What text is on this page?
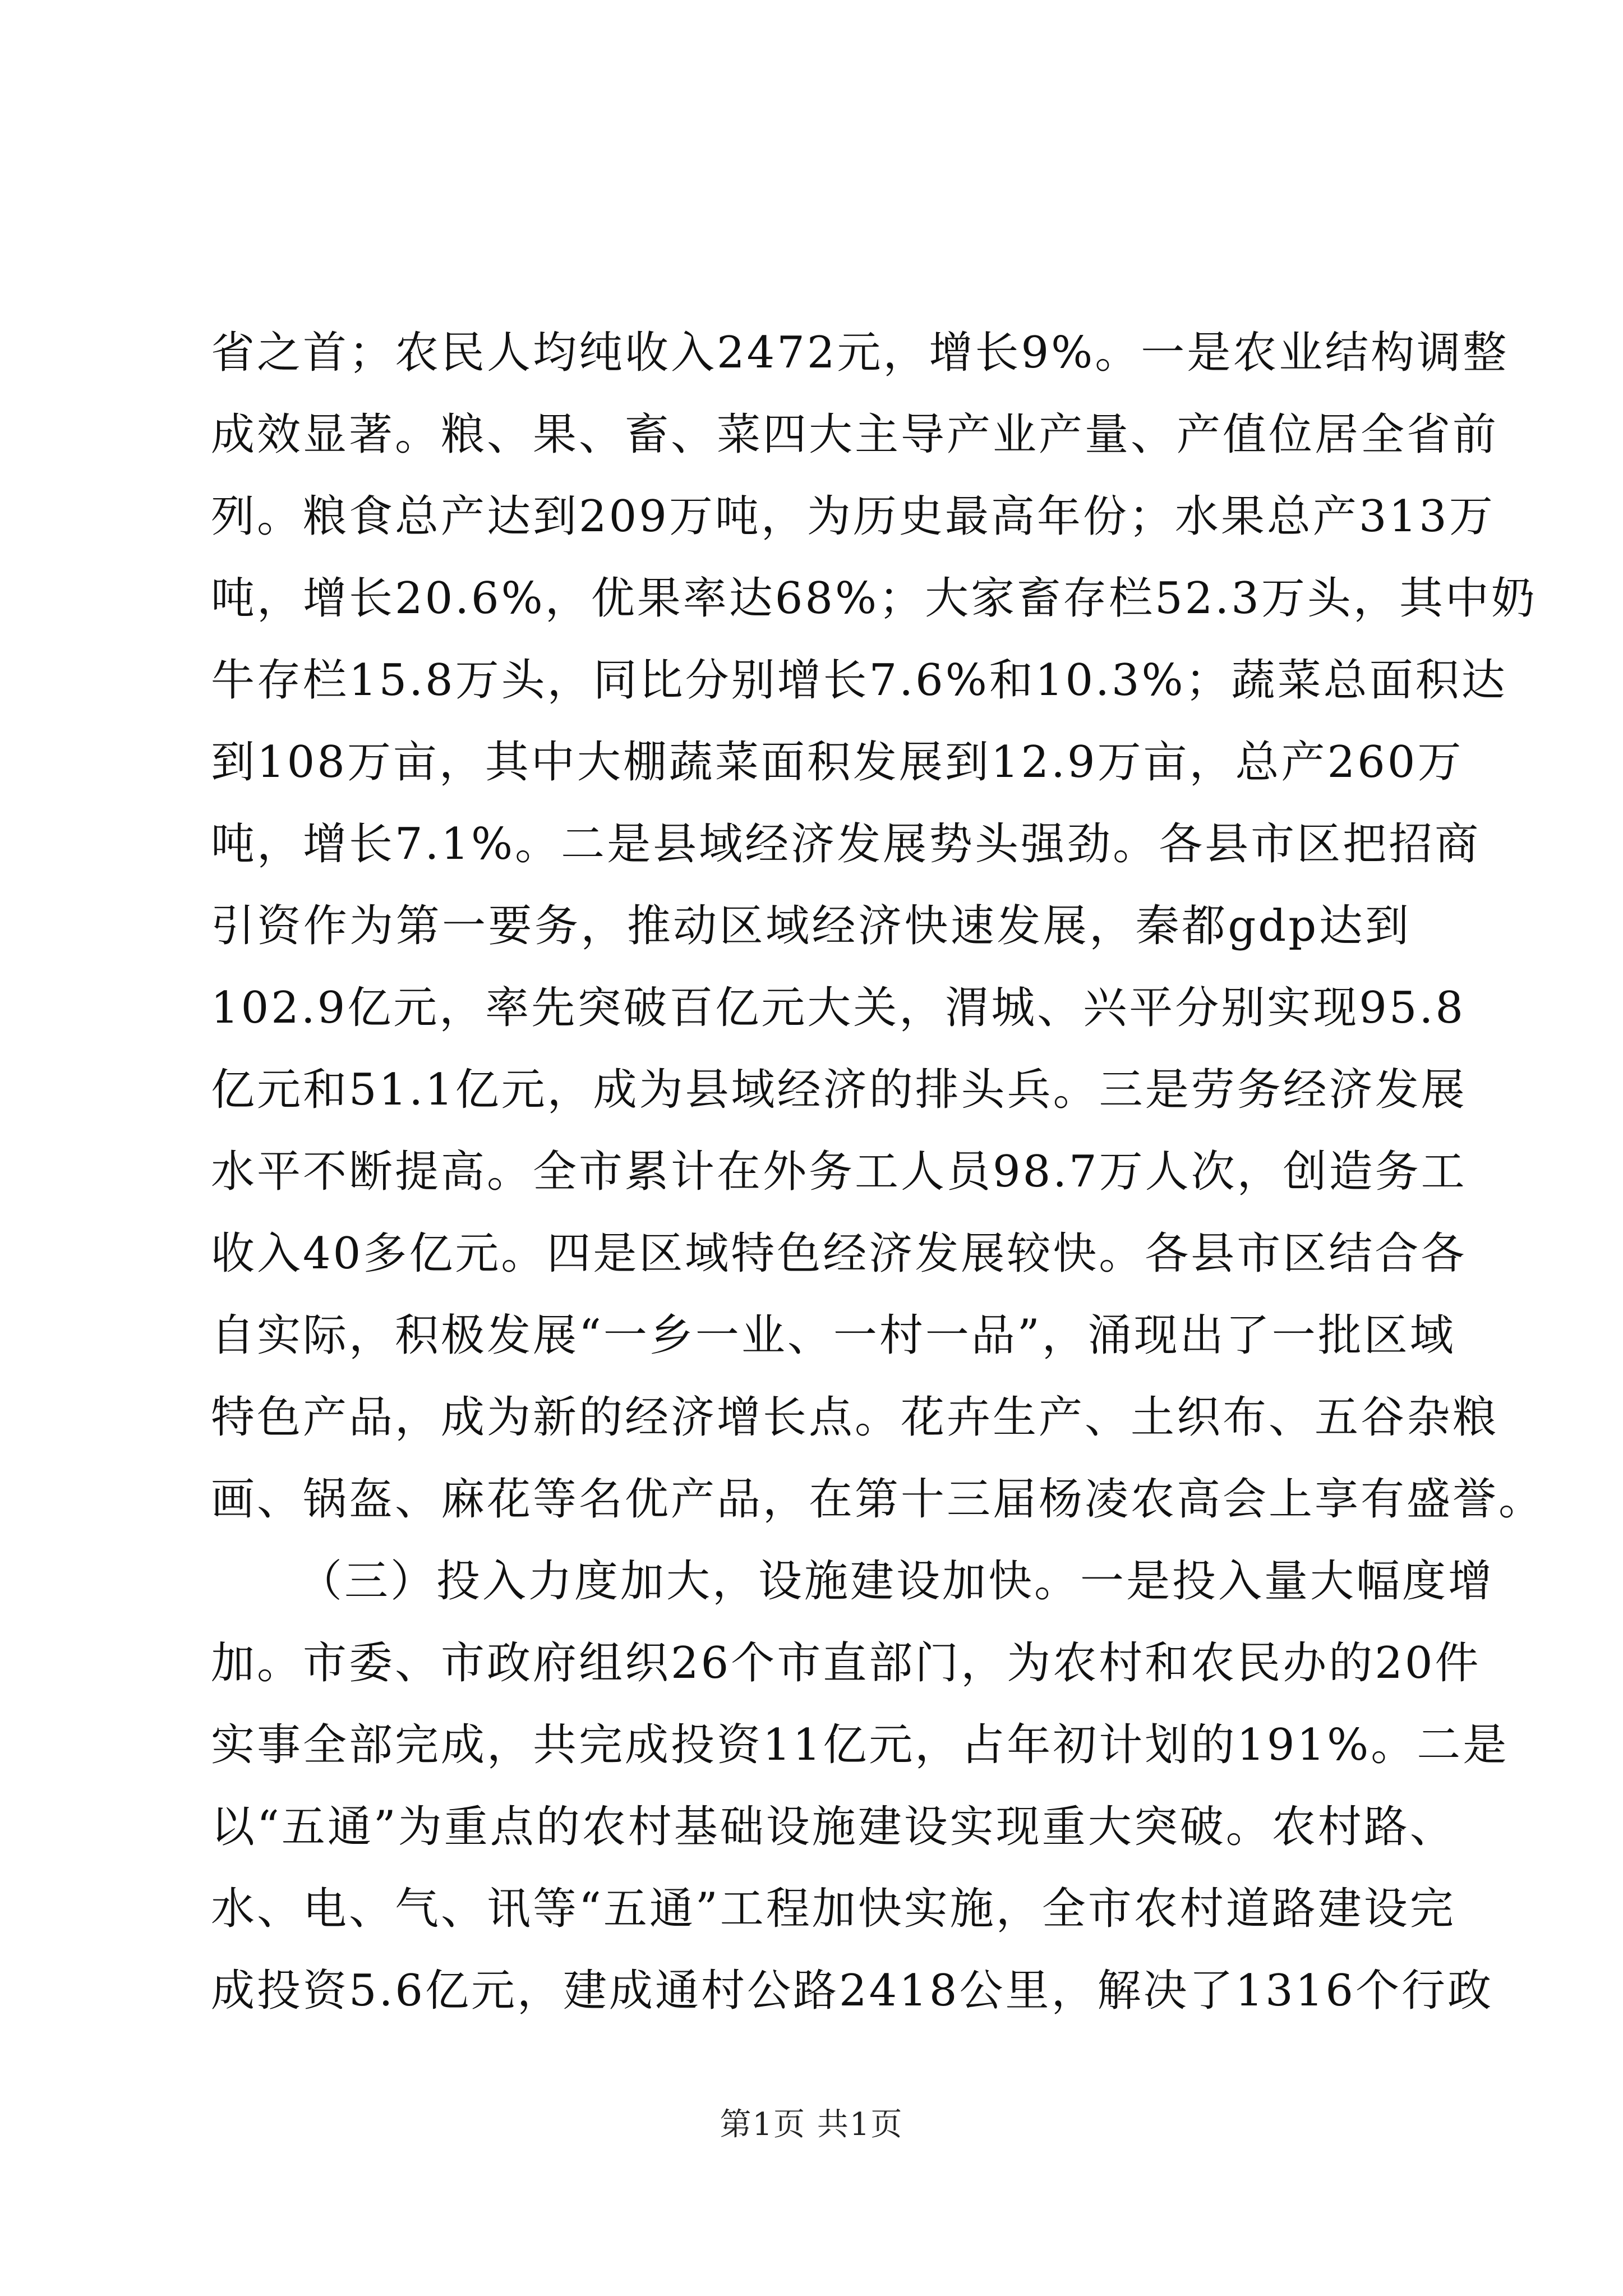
省之首；农民人均纯收入2472元，增长9%。一是农业结构调整
成效显著。粮、果、畜、菜四大主导产业产量、产值位居全省前
列。粮食总产达到209万吨，为历史最高年份；水果总产313万
吨，增长20.6%，优果率达68%；大家畜存栏52.3万头，其中奶
牛存栏15.8万头，同比分别增长7.6%和10.3%；蔬菜总面积达
到108万亩，其中大棚蔬菜面积发展到12.9万亩，总产260万
吨，增长7.1%。二是县域经济发展势头强劲。各县市区把招商
引资作为第一要务，推动区域经济快速发展，秦都gdp达到
102.9亿元，率先突破百亿元大关，渭城、兴平分别实现95.8
亿元和51.1亿元，成为县域经济的排头兵。三是劳务经济发展
水平不断提高。全市累计在外务工人员98.7万人次，创造务工
收入40多亿元。四是区域特色经济发展较快。各县市区结合各
自实际，积极发展“一乡一业、一村一品”，涌现出了一批区域
特色产品，成为新的经济增长点。花卉生产、土织布、五谷杂粮
画、锅盔、麻花等名优产品，在第十三届杨凌农高会上享有盛誉。
（三）投入力度加大，设施建设加快。一是投入量大幅度增
加。市委、市政府组织26个市直部门，为农村和农民办的20件
实事全部完成，共完成投资11亿元，占年初计划的191%。二是
以“五通”为重点的农村基础设施建设实现重大突破。农村路、
水、电、气、讯等“五通”工程加快实施，全市农村道路建设完
成投资5.6亿元，建成通村公路2418公里，解决了1316个行政
第1页 共1页
